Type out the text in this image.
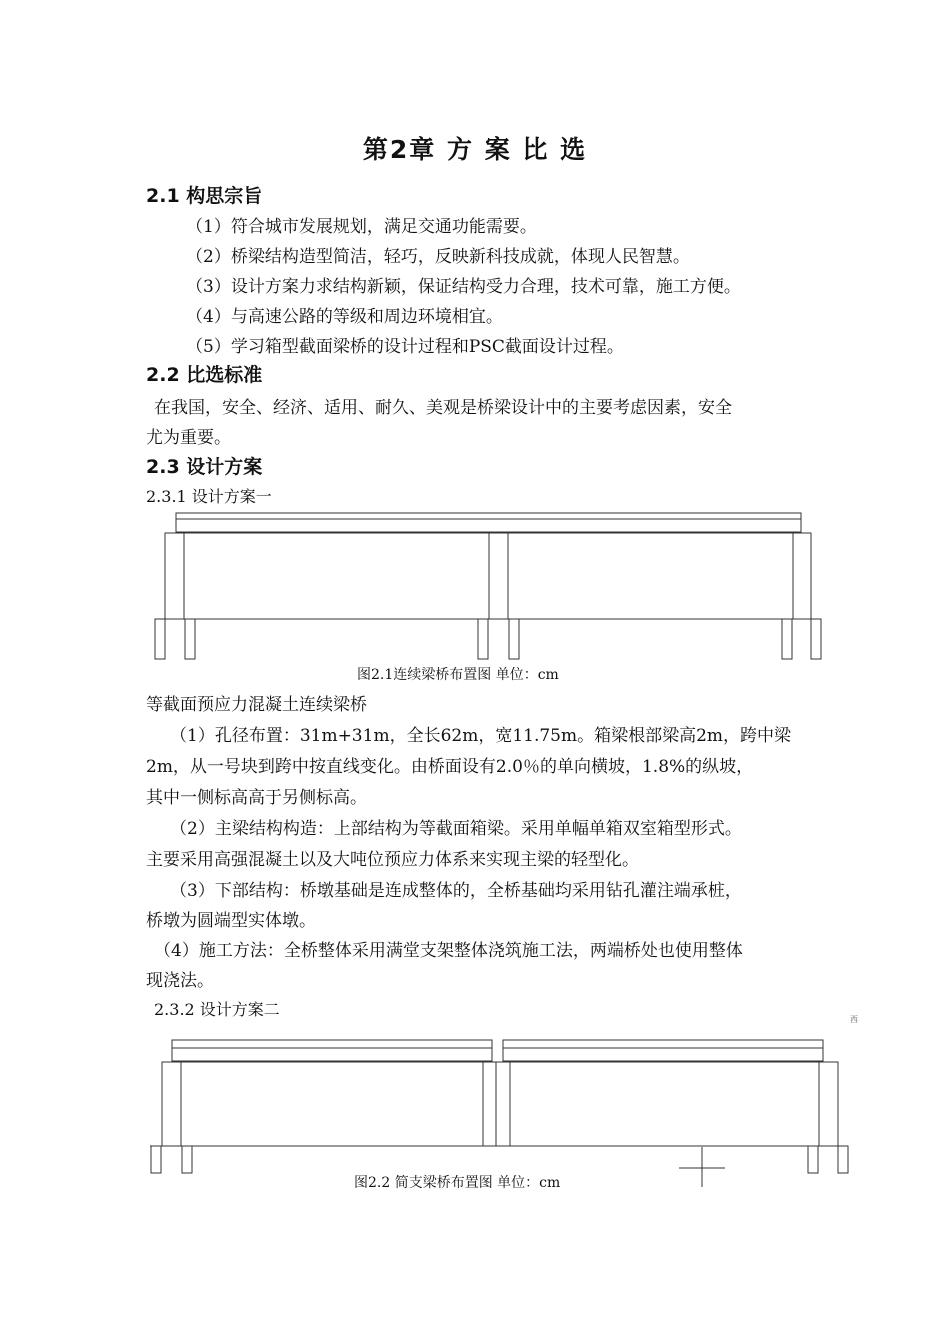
第2章 方 案 比 选
2.1 构思宗旨
（1）符合城市发展规划，满足交通功能需要。
（2）桥梁结构造型简洁，轻巧，反映新科技成就，体现人民智慧。
（3）设计方案力求结构新颖，保证结构受力合理，技术可靠，施工方便。
（4）与高速公路的等级和周边环境相宜。
（5）学习箱型截面梁桥的设计过程和PSC截面设计过程。
2.2 比选标准
在我国，安全、经济、适用、耐久、美观是桥梁设计中的主要考虑因素，安全
尤为重要。
2.3 设计方案
2.3.1 设计方案一
图2.1连续梁桥布置图 单位：cm
等截面预应力混凝土连续梁桥
（1）孔径布置：31m+31m，全长62m，宽11.75m。箱梁根部梁高2m，跨中梁
2m，从一号块到跨中按直线变化。由桥面设有2.0％的单向横坡，1.8%的纵坡，
其中一侧标高高于另侧标高。
（2）主梁结构构造：上部结构为等截面箱梁。采用单幅单箱双室箱型形式。
主要采用高强混凝土以及大吨位预应力体系来实现主梁的轻型化。
（3）下部结构：桥墩基础是连成整体的，全桥基础均采用钻孔灌注端承桩，
桥墩为圆端型实体墩。
（4）施工方法：全桥整体采用满堂支架整体浇筑施工法，两端桥处也使用整体
现浇法。
2.3.2 设计方案二
西
图2.2 简支梁桥布置图 单位：cm
